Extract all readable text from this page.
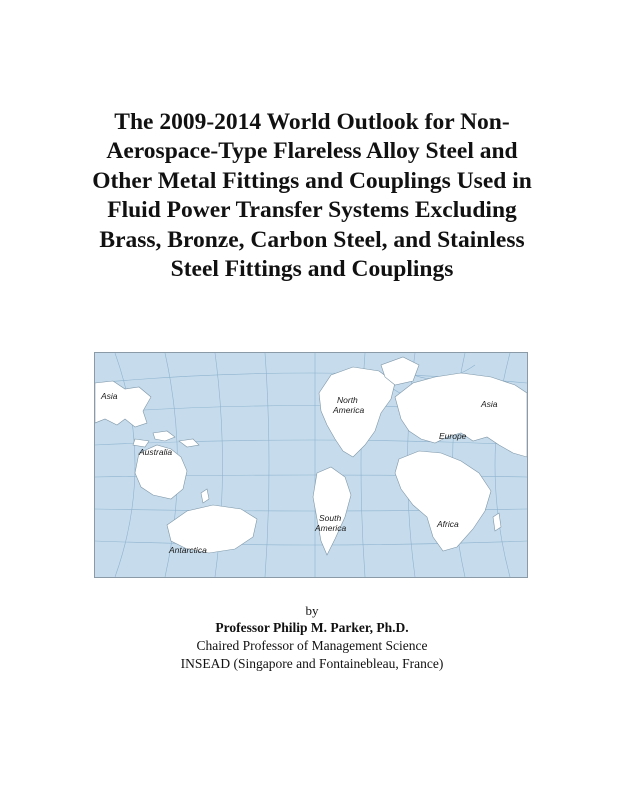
The 2009-2014 World Outlook for Non-
Aerospace-Type Flareless Alloy Steel and
Other Metal Fittings and Couplings Used in
Fluid Power Transfer Systems Excluding
Brass, Bronze, Carbon Steel, and Stainless
Steel Fittings and Couplings
Asia
Australia
Antarctica
North
America
South
America
Asia
Europe
Africa
by
Professor Philip M. Parker, Ph.D.
Chaired Professor of Management Science
INSEAD (Singapore and Fontainebleau, France)
